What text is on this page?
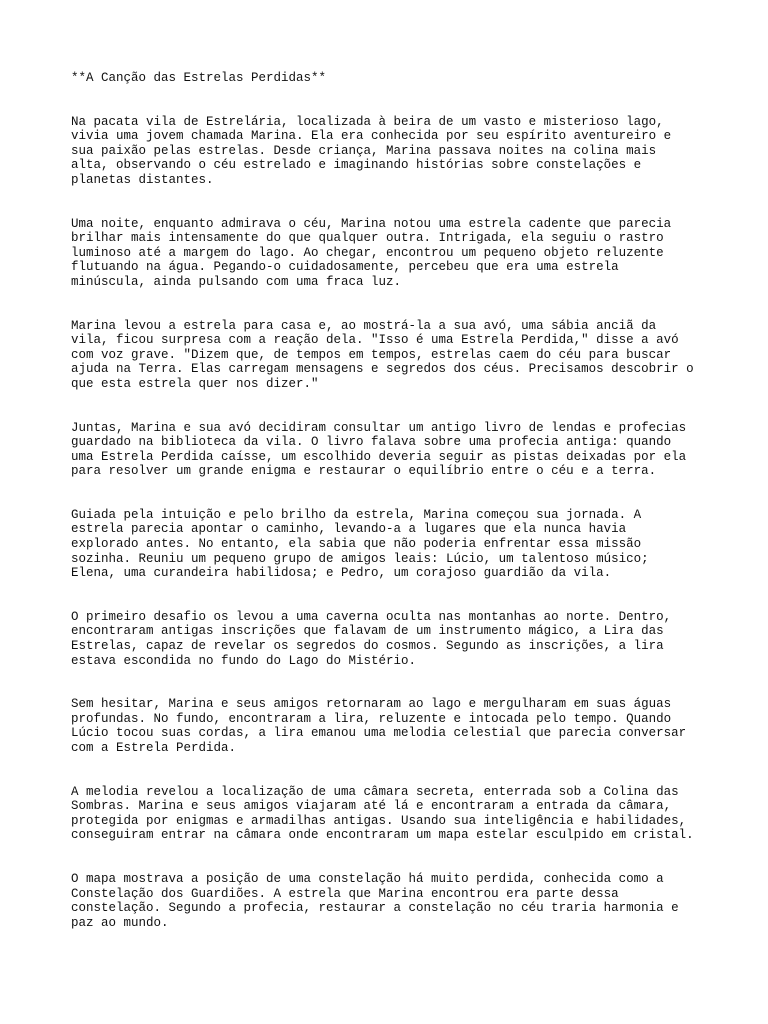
**A Canção das Estrelas Perdidas**
Na pacata vila de Estrelária, localizada à beira de um vasto e misterioso lago,
vivia uma jovem chamada Marina. Ela era conhecida por seu espírito aventureiro e
sua paixão pelas estrelas. Desde criança, Marina passava noites na colina mais
alta, observando o céu estrelado e imaginando histórias sobre constelações e
planetas distantes.
Uma noite, enquanto admirava o céu, Marina notou uma estrela cadente que parecia
brilhar mais intensamente do que qualquer outra. Intrigada, ela seguiu o rastro
luminoso até a margem do lago. Ao chegar, encontrou um pequeno objeto reluzente
flutuando na água. Pegando-o cuidadosamente, percebeu que era uma estrela
minúscula, ainda pulsando com uma fraca luz.
Marina levou a estrela para casa e, ao mostrá-la a sua avó, uma sábia anciã da
vila, ficou surpresa com a reação dela. "Isso é uma Estrela Perdida," disse a avó
com voz grave. "Dizem que, de tempos em tempos, estrelas caem do céu para buscar
ajuda na Terra. Elas carregam mensagens e segredos dos céus. Precisamos descobrir o
que esta estrela quer nos dizer."
Juntas, Marina e sua avó decidiram consultar um antigo livro de lendas e profecias
guardado na biblioteca da vila. O livro falava sobre uma profecia antiga: quando
uma Estrela Perdida caísse, um escolhido deveria seguir as pistas deixadas por ela
para resolver um grande enigma e restaurar o equilíbrio entre o céu e a terra.
Guiada pela intuição e pelo brilho da estrela, Marina começou sua jornada. A
estrela parecia apontar o caminho, levando-a a lugares que ela nunca havia
explorado antes. No entanto, ela sabia que não poderia enfrentar essa missão
sozinha. Reuniu um pequeno grupo de amigos leais: Lúcio, um talentoso músico;
Elena, uma curandeira habilidosa; e Pedro, um corajoso guardião da vila.
O primeiro desafio os levou a uma caverna oculta nas montanhas ao norte. Dentro,
encontraram antigas inscrições que falavam de um instrumento mágico, a Lira das
Estrelas, capaz de revelar os segredos do cosmos. Segundo as inscrições, a lira
estava escondida no fundo do Lago do Mistério.
Sem hesitar, Marina e seus amigos retornaram ao lago e mergulharam em suas águas
profundas. No fundo, encontraram a lira, reluzente e intocada pelo tempo. Quando
Lúcio tocou suas cordas, a lira emanou uma melodia celestial que parecia conversar
com a Estrela Perdida.
A melodia revelou a localização de uma câmara secreta, enterrada sob a Colina das
Sombras. Marina e seus amigos viajaram até lá e encontraram a entrada da câmara,
protegida por enigmas e armadilhas antigas. Usando sua inteligência e habilidades,
conseguiram entrar na câmara onde encontraram um mapa estelar esculpido em cristal.
O mapa mostrava a posição de uma constelação há muito perdida, conhecida como a
Constelação dos Guardiões. A estrela que Marina encontrou era parte dessa
constelação. Segundo a profecia, restaurar a constelação no céu traria harmonia e
paz ao mundo.
